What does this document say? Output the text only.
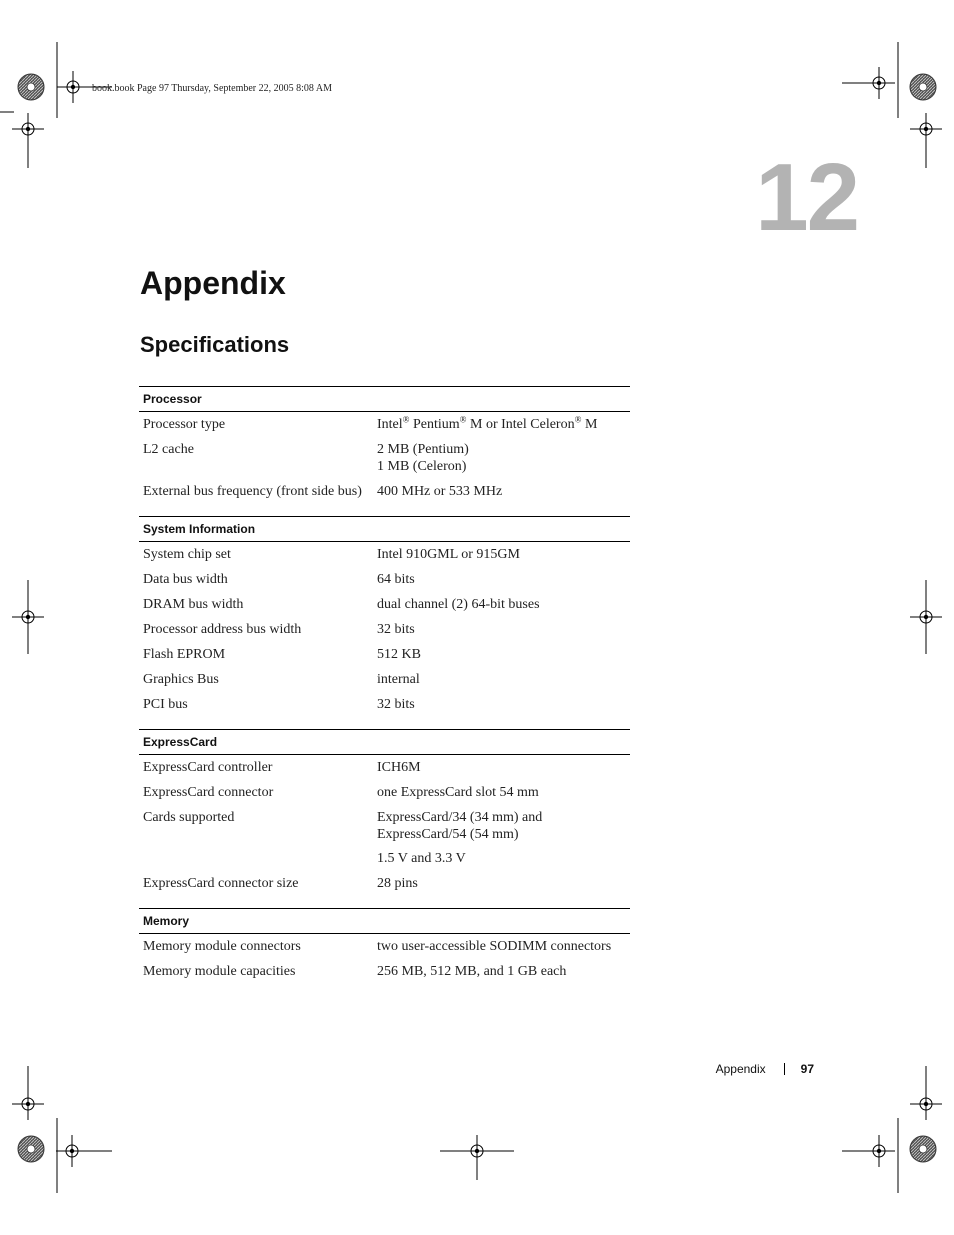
book.book Page 97 Thursday, September 22, 2005 8:08 AM
12
Appendix
Specifications
Processor	
Processor type	Intel® Pentium® M or Intel Celeron® M
L2 cache	2 MB (Pentium)
1 MB (Celeron)

External bus frequency (front side bus)	400 MHz or 533 MHz

System Information	
System chip set	Intel 910GML or 915GM
Data bus width	64 bits
DRAM bus width	dual channel (2) 64-bit buses
Processor address bus width	32 bits
Flash EPROM	512 KB
Graphics Bus	internal
PCI bus	32 bits

ExpressCard	
ExpressCard controller	ICH6M
ExpressCard connector	one ExpressCard slot 54 mm
Cards supported	ExpressCard/34 (34 mm) and
ExpressCard/54 (54 mm)
1.5 V and 3.3 V

ExpressCard connector size	28 pins

Memory	
Memory module connectors	two user-accessible SODIMM connectors
Memory module capacities	256 MB, 512 MB, and 1 GB each
Appendix	97
